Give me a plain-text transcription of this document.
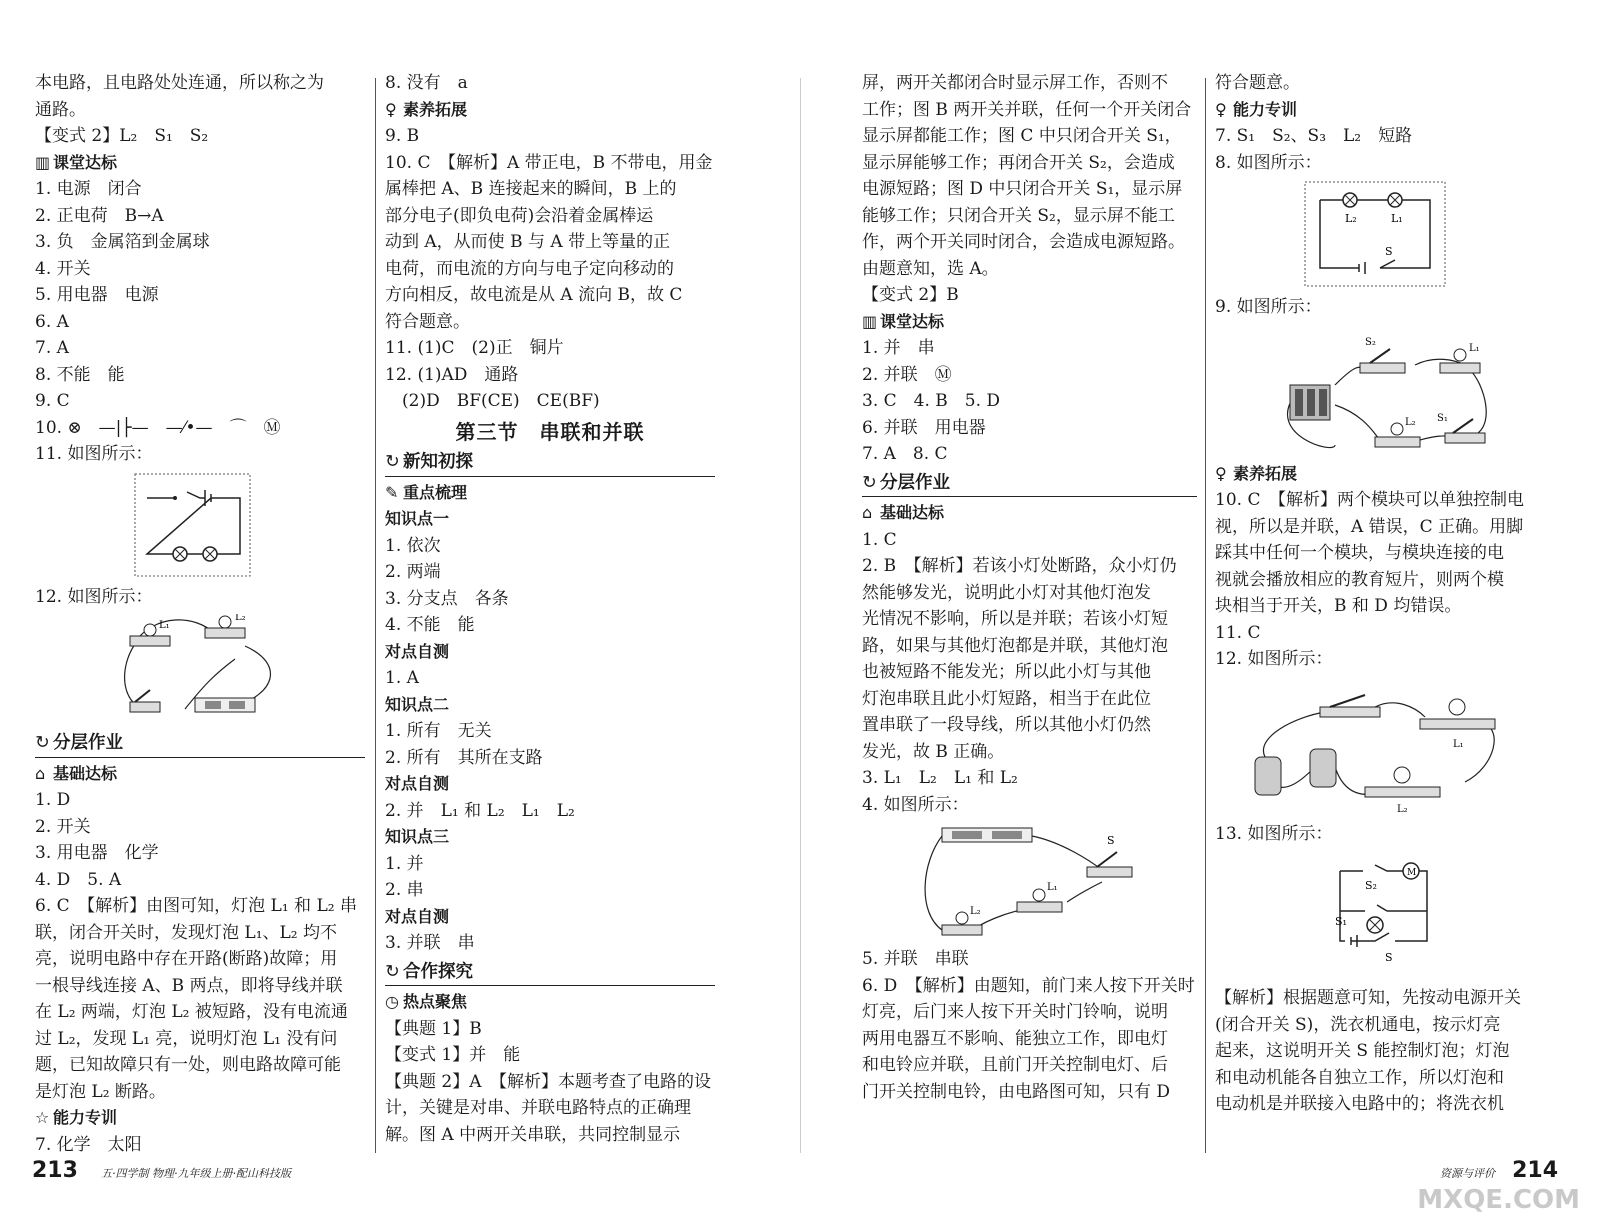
本电路，且电路处处连通，所以称之为
通路。
【变式 2】L₂　S₁　S₂
▥ 课堂达标
1. 电源　闭合
2. 正电荷　B→A
3. 负　金属箔到金属球
4. 开关
5. 用电器　电源
6. A
7. A
8. 不能　能
9. C
10. ⊗　—|├—　—⁄•—　⌒　Ⓜ
11. 如图所示：
12. 如图所示：
L₁
L₂
↻ 分层作业
⌂ 基础达标
1. D
2. 开关
3. 用电器　化学
4. D　5. A
6. C　【解析】由图可知，灯泡 L₁ 和 L₂ 串
联，闭合开关时，发现灯泡 L₁、L₂ 均不
亮，说明电路中存在开路(断路)故障；用
一根导线连接 A、B 两点，即将导线并联
在 L₂ 两端，灯泡 L₂ 被短路，没有电流通
过 L₂，发现 L₁ 亮，说明灯泡 L₁ 没有问
题，已知故障只有一处，则电路故障可能
是灯泡 L₂ 断路。
☆ 能力专训
7. 化学　太阳
8. 没有　a
♀ 素养拓展
9. B
10. C　【解析】A 带正电，B 不带电，用金
属棒把 A、B 连接起来的瞬间，B 上的
部分电子(即负电荷)会沿着金属棒运
动到 A，从而使 B 与 A 带上等量的正
电荷，而电流的方向与电子定向移动的
方向相反，故电流是从 A 流向 B，故 C
符合题意。
11. (1)C　(2)正　铜片
12. (1)AD　通路
　(2)D　BF(CE)　CE(BF)
第三节　串联和并联
↻ 新知初探
✎ 重点梳理
知识点一
1. 依次
2. 两端
3. 分支点　各条
4. 不能　能
对点自测
1. A
知识点二
1. 所有　无关
2. 所有　其所在支路
对点自测
2. 并　L₁ 和 L₂　L₁　L₂
知识点三
1. 并
2. 串
对点自测
3. 并联　串
↻ 合作探究
◷ 热点聚焦
【典题 1】B
【变式 1】并　能
【典题 2】A　【解析】本题考查了电路的设
计，关键是对串、并联电路特点的正确理
解。图 A 中两开关串联，共同控制显示
屏，两开关都闭合时显示屏工作，否则不
工作；图 B 两开关并联，任何一个开关闭合
显示屏都能工作；图 C 中只闭合开关 S₁，
显示屏能够工作；再闭合开关 S₂，会造成
电源短路；图 D 中只闭合开关 S₁，显示屏
能够工作；只闭合开关 S₂，显示屏不能工
作，两个开关同时闭合，会造成电源短路。
由题意知，选 A。
【变式 2】B
▥ 课堂达标
1. 并　串
2. 并联　Ⓜ
3. C　4. B　5. D
6. 并联　用电器
7. A　8. C
↻ 分层作业
⌂ 基础达标
1. C
2. B　【解析】若该小灯处断路，众小灯仍
然能够发光，说明此小灯对其他灯泡发
光情况不影响，所以是并联；若该小灯短
路，如果与其他灯泡都是并联，其他灯泡
也被短路不能发光；所以此小灯与其他
灯泡串联且此小灯短路，相当于在此位
置串联了一段导线，所以其他小灯仍然
发光，故 B 正确。
3. L₁　L₂　L₁ 和 L₂
4. 如图所示：
S
L₂
L₁
5. 并联　串联
6. D　【解析】由题知，前门来人按下开关时
灯亮，后门来人按下开关时门铃响，说明
两用电器互不影响、能独立工作，即电灯
和电铃应并联，且前门开关控制电灯、后
门开关控制电铃，由电路图可知，只有 D
符合题意。
♀ 能力专训
7. S₁　S₂、S₃　L₂　短路
8. 如图所示：
L₂	L₁
S
9. 如图所示：
S₂
L₁
L₂ S₁
♀ 素养拓展
10. C　【解析】两个模块可以单独控制电
视，所以是并联，A 错误，C 正确。用脚
踩其中任何一个模块，与模块连接的电
视就会播放相应的教育短片，则两个模
块相当于开关，B 和 D 均错误。
11. C
12. 如图所示：
L₁
L₂
13. 如图所示：
S₂
M
S₁
S
【解析】根据题意可知，先按动电源开关
(闭合开关 S)，洗衣机通电，按示灯亮
起来，这说明开关 S 能控制灯泡；灯泡
和电动机能各自独立工作，所以灯泡和
电动机是并联接入电路中的；将洗衣机
213 五·四学制 物理·九年级上册·配山科技版	资源与评价 214
MXQE.COM
